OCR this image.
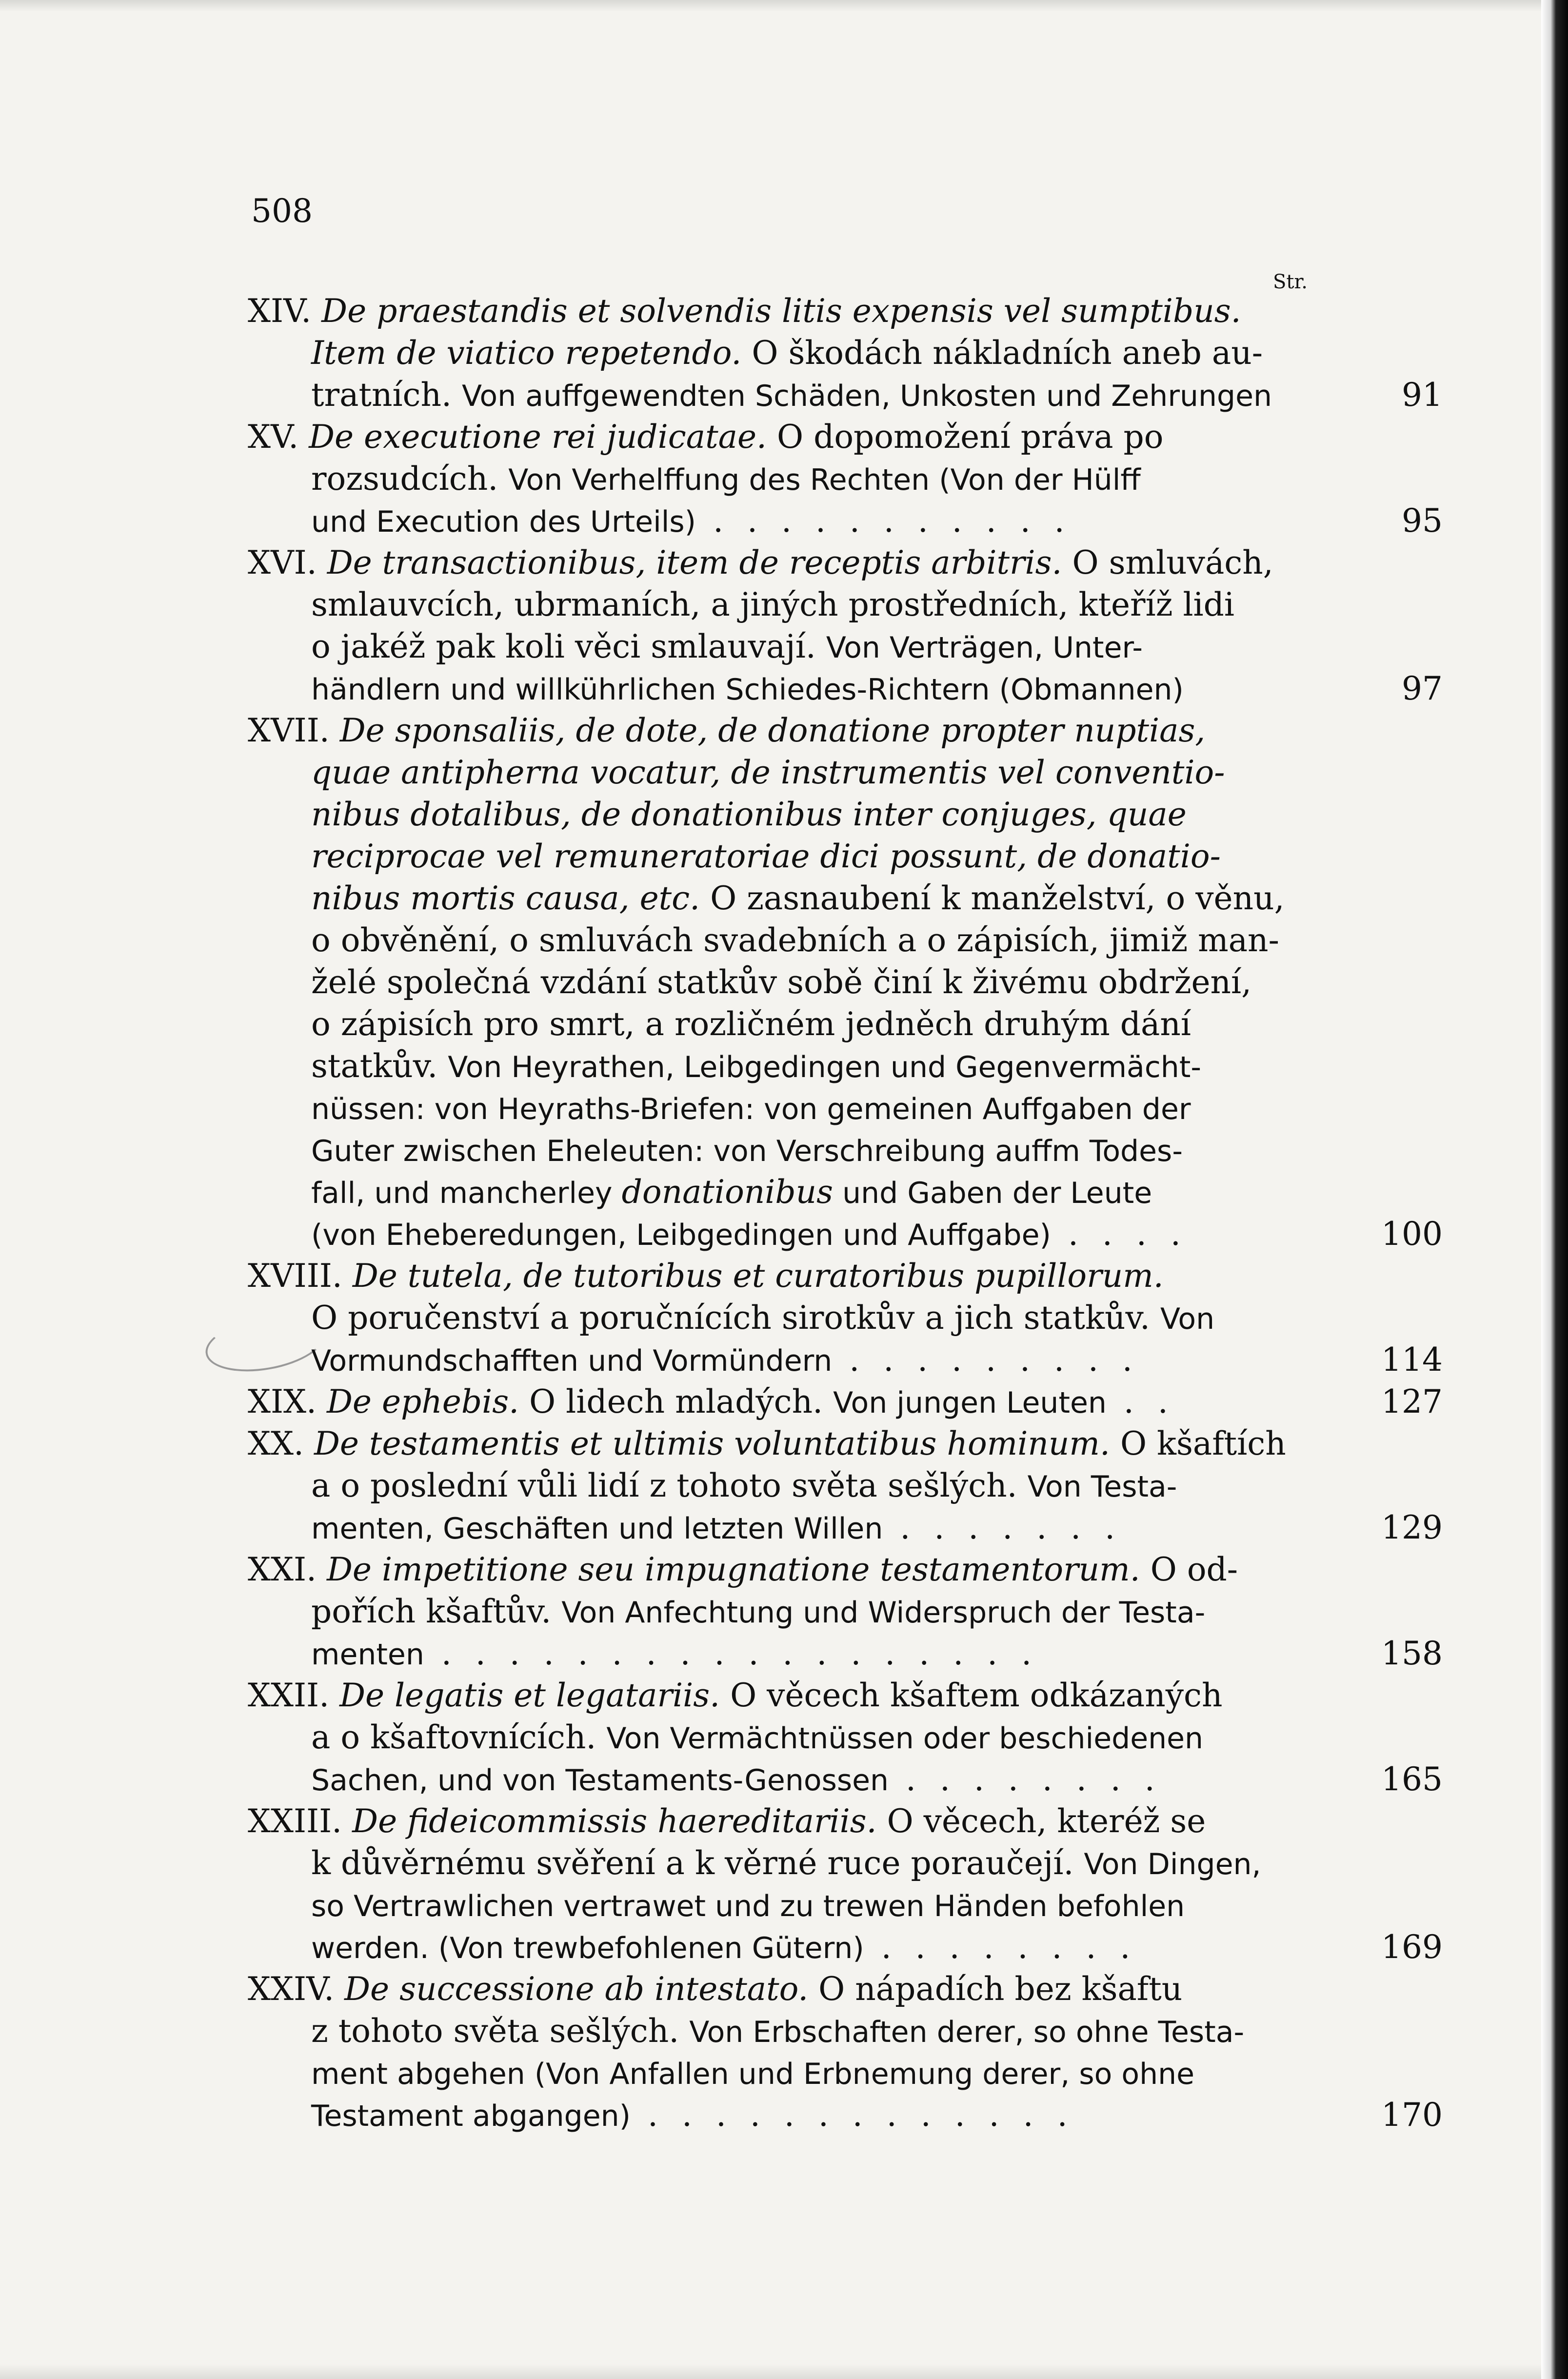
508
Str.
XIV. De praestandis et solvendis litis expensis vel sumptibus.
Item de viatico repetendo. O škodách nákladních aneb au-
tratních. Von auffgewendten Schäden, Unkosten und Zehrungen	91
XV. De executione rei judicatae. O dopomožení práva po
rozsudcích. Von Verhelffung des Rechten (Von der Hülff
und Execution des Urteils) . . . . . . . . . . .	95
XVI. De transactionibus, item de receptis arbitris. O smluvách,
smlauvcích, ubrmaních, a jiných prostředních, kteříž lidi
o jakéž pak koli věci smlauvají. Von Verträgen, Unter-
händlern und willkührlichen Schiedes-Richtern (Obmannen)	97
XVII. De sponsaliis, de dote, de donatione propter nuptias,
quae antipherna vocatur, de instrumentis vel conventio-
nibus dotalibus, de donationibus inter conjuges, quae
reciprocae vel remuneratoriae dici possunt, de donatio-
nibus mortis causa, etc. O zasnaubení k manželství, o věnu,
o obvěnění, o smluvách svadebních a o zápisích, jimiž man-
želé společná vzdání statkův sobě činí k živému obdržení,
o zápisích pro smrt, a rozličném jedněch druhým dání
statkův. Von Heyrathen, Leibgedingen und Gegenvermächt-
nüssen: von Heyraths-Briefen: von gemeinen Auffgaben der
Guter zwischen Eheleuten: von Verschreibung auffm Todes-
fall, und mancherley donationibus und Gaben der Leute
(von Eheberedungen, Leibgedingen und Auffgabe) . . . .	100
XVIII. De tutela, de tutoribus et curatoribus pupillorum.
O poručenství a poručnících sirotkův a jich statkův. Von
Vormundschafften und Vormündern . . . . . . . . .	114
XIX. De ephebis. O lidech mladých. Von jungen Leuten . .	127
XX. De testamentis et ultimis voluntatibus hominum. O kšaftích
a o poslední vůli lidí z tohoto světa sešlých. Von Testa-
menten, Geschäften und letzten Willen . . . . . . .	129
XXI. De impetitione seu impugnatione testamentorum. O od-
pořích kšaftův. Von Anfechtung und Widerspruch der Testa-
menten . . . . . . . . . . . . . . . . . .	158
XXII. De legatis et legatariis. O věcech kšaftem odkázaných
a o kšaftovnících. Von Vermächtnüssen oder beschiedenen
Sachen, und von Testaments-Genossen . . . . . . . .	165
XXIII. De fideicommissis haereditariis. O věcech, kteréž se
k důvěrnému svěření a k věrné ruce poraučejí. Von Dingen,
so Vertrawlichen vertrawet und zu trewen Händen befohlen
werden. (Von trewbefohlenen Gütern) . . . . . . . .	169
XXIV. De successione ab intestato. O nápadích bez kšaftu
z tohoto světa sešlých. Von Erbschaften derer, so ohne Testa-
ment abgehen (Von Anfallen und Erbnemung derer, so ohne
Testament abgangen) . . . . . . . . . . . . .	170
